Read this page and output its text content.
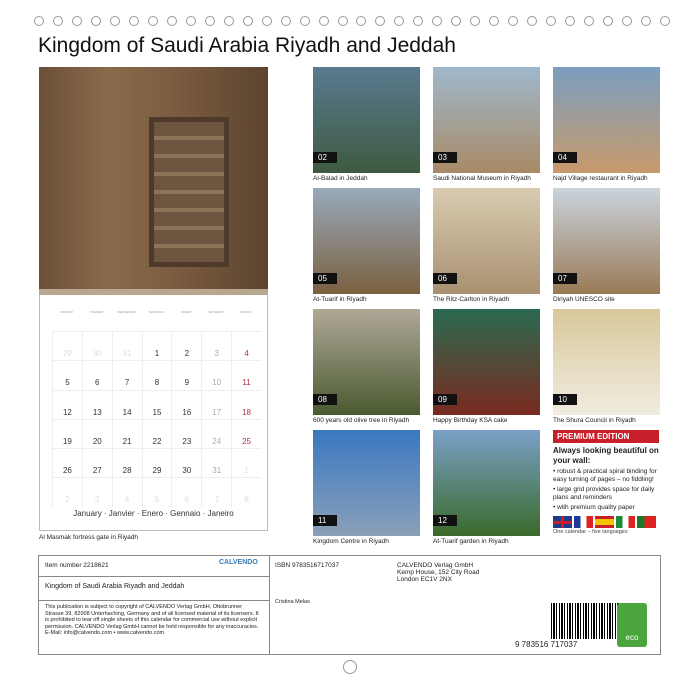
Kingdom of Saudi Arabia Riyadh and Jeddah
MONDAY	TUESDAY	WEDNESDAY	THURSDAY	FRIDAY	SATURDAY	SUNDAY
29	30	31	1	2	3	4
5	6	7	8	9	10	11
12	13	14	15	16	17	18
19	20	21	22	23	24	25
26	27	28	29	30	31	1
2	3	4	5	6	7	8
January · Janvier · Enero · Gennaio · Janeiro
Al Masmak fortress gate in Riyadh
02
Al-Balad in Jeddah
03
Saudi National Museum in Riyadh
04
Najd Village restaurant in Riyadh
05
At-Tuarif in Riyadh
06
The Ritz-Carlton in Riyadh
07
Diriyah UNESCO site
08
600 years old olive tree in Riyadh
09
Happy Birthday KSA cake
10
The Shura Council in Riyadh
11
Kingdom Centre in Riyadh
12
At-Tuarif garden in Riyadh
PREMIUM EDITION
Always looking beautiful on your wall:
• robust & practical spiral binding for easy turning of pages – no fiddling!
• large grid provides space for daily plans and reminders
• with premium quality paper
One calendar – five languages
Item number 2218621	CALVENDO
Kingdom of Saudi Arabia Riyadh and Jeddah
This publication is subject to copyright of CALVENDO Verlag GmbH, Ottobrunner Strasse 39, 82008 Unterhaching, Germany and of all licensed material of its licensers. It is prohibited to tear off single sheets of this calendar for commercial use without explicit permission. CALVENDO Verlag GmbH cannot be held responsible for any inaccuracies. E-Mail: info@calvendo.com • www.calvendo.com
ISBN 9783516717037
Cristina Melas
CALVENDO Verlag GmbH
Kemp House, 152 City Road
London EC1V 2NX
9 783516 717037
eco
